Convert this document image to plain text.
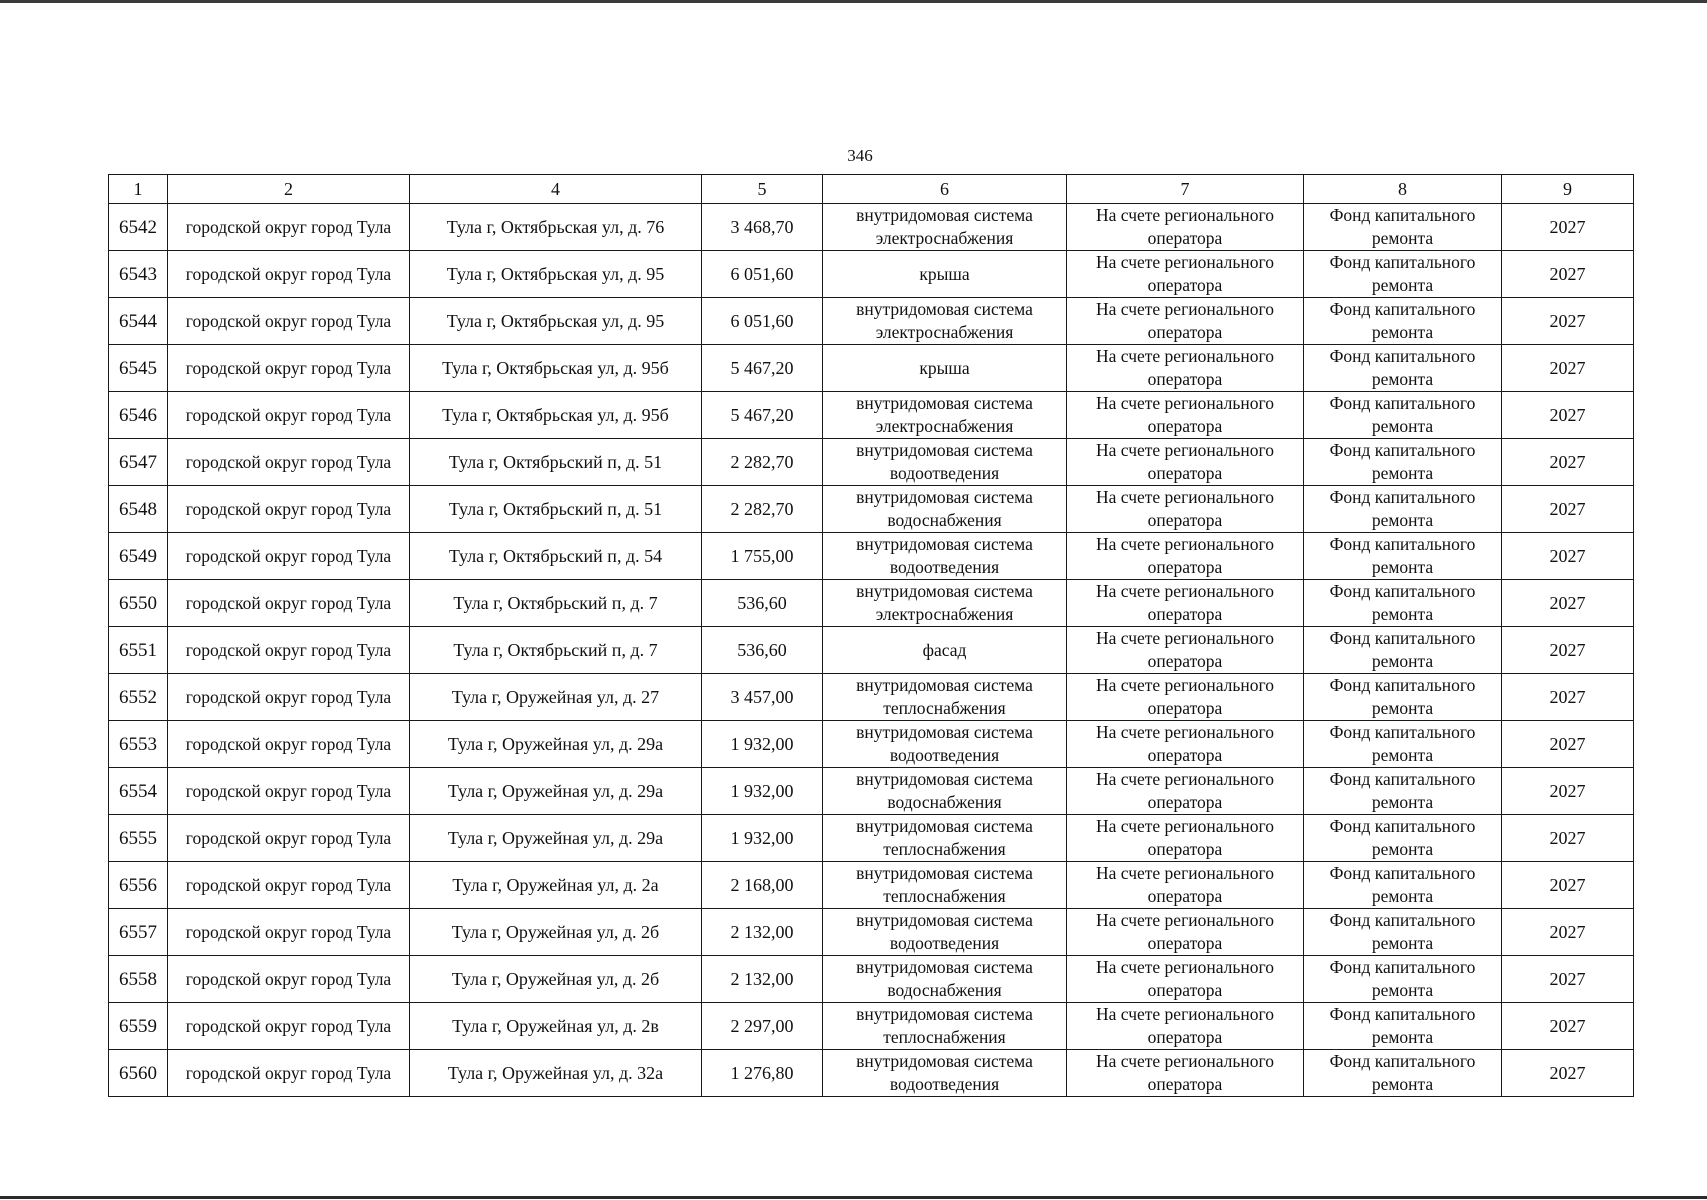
346
1	2	4	5	6	7	8	9
6542	городской округ город Тула	Тула г, Октябрьская ул, д. 76	3 468,70	внутридомовая система электроснабжения	На счете регионального оператора	Фонд капитального ремонта	2027
6543	городской округ город Тула	Тула г, Октябрьская ул, д. 95	6 051,60	крыша	На счете регионального оператора	Фонд капитального ремонта	2027
6544	городской округ город Тула	Тула г, Октябрьская ул, д. 95	6 051,60	внутридомовая система электроснабжения	На счете регионального оператора	Фонд капитального ремонта	2027
6545	городской округ город Тула	Тула г, Октябрьская ул, д. 95б	5 467,20	крыша	На счете регионального оператора	Фонд капитального ремонта	2027
6546	городской округ город Тула	Тула г, Октябрьская ул, д. 95б	5 467,20	внутридомовая система электроснабжения	На счете регионального оператора	Фонд капитального ремонта	2027
6547	городской округ город Тула	Тула г, Октябрьский п, д. 51	2 282,70	внутридомовая система водоотведения	На счете регионального оператора	Фонд капитального ремонта	2027
6548	городской округ город Тула	Тула г, Октябрьский п, д. 51	2 282,70	внутридомовая система водоснабжения	На счете регионального оператора	Фонд капитального ремонта	2027
6549	городской округ город Тула	Тула г, Октябрьский п, д. 54	1 755,00	внутридомовая система водоотведения	На счете регионального оператора	Фонд капитального ремонта	2027
6550	городской округ город Тула	Тула г, Октябрьский п, д. 7	536,60	внутридомовая система электроснабжения	На счете регионального оператора	Фонд капитального ремонта	2027
6551	городской округ город Тула	Тула г, Октябрьский п, д. 7	536,60	фасад	На счете регионального оператора	Фонд капитального ремонта	2027
6552	городской округ город Тула	Тула г, Оружейная ул, д. 27	3 457,00	внутридомовая система теплоснабжения	На счете регионального оператора	Фонд капитального ремонта	2027
6553	городской округ город Тула	Тула г, Оружейная ул, д. 29а	1 932,00	внутридомовая система водоотведения	На счете регионального оператора	Фонд капитального ремонта	2027
6554	городской округ город Тула	Тула г, Оружейная ул, д. 29а	1 932,00	внутридомовая система водоснабжения	На счете регионального оператора	Фонд капитального ремонта	2027
6555	городской округ город Тула	Тула г, Оружейная ул, д. 29а	1 932,00	внутридомовая система теплоснабжения	На счете регионального оператора	Фонд капитального ремонта	2027
6556	городской округ город Тула	Тула г, Оружейная ул, д. 2а	2 168,00	внутридомовая система теплоснабжения	На счете регионального оператора	Фонд капитального ремонта	2027
6557	городской округ город Тула	Тула г, Оружейная ул, д. 2б	2 132,00	внутридомовая система водоотведения	На счете регионального оператора	Фонд капитального ремонта	2027
6558	городской округ город Тула	Тула г, Оружейная ул, д. 2б	2 132,00	внутридомовая система водоснабжения	На счете регионального оператора	Фонд капитального ремонта	2027
6559	городской округ город Тула	Тула г, Оружейная ул, д. 2в	2 297,00	внутридомовая система теплоснабжения	На счете регионального оператора	Фонд капитального ремонта	2027
6560	городской округ город Тула	Тула г, Оружейная ул, д. 32а	1 276,80	внутридомовая система водоотведения	На счете регионального оператора	Фонд капитального ремонта	2027
